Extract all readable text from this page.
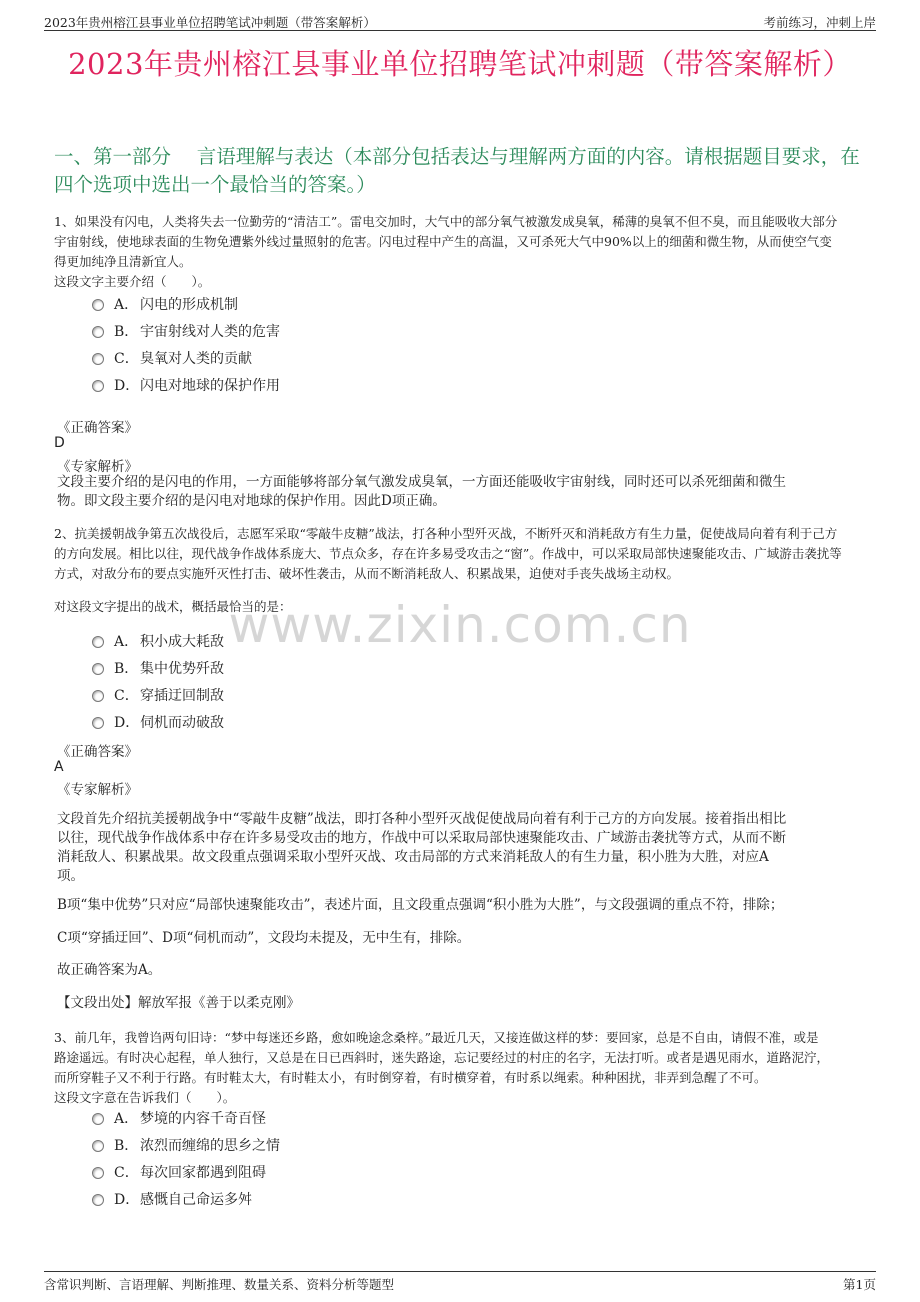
2023年贵州榕江县事业单位招聘笔试冲刺题（带答案解析）	考前练习，冲刺上岸
2023年贵州榕江县事业单位招聘笔试冲刺题（带答案解析）
一、第一部分　 言语理解与表达（本部分包括表达与理解两方面的内容。请根据题目要求，在四个选项中选出一个最恰当的答案。）
1、如果没有闪电，人类将失去一位勤劳的“清洁工”。雷电交加时，大气中的部分氧气被激发成臭氧，稀薄的臭氧不但不臭，而且能吸收大部分
宇宙射线，使地球表面的生物免遭紫外线过量照射的危害。闪电过程中产生的高温，又可杀死大气中90%以上的细菌和微生物，从而使空气变
得更加纯净且清新宜人。
这段文字主要介绍（　　）。
A． 闪电的形成机制
B． 宇宙射线对人类的危害
C．臭氧对人类的贡献
D．闪电对地球的保护作用
《正确答案》
D
《专家解析》
文段主要介绍的是闪电的作用，一方面能够将部分氧气激发成臭氧，一方面还能吸收宇宙射线，同时还可以杀死细菌和微生
物。即文段主要介绍的是闪电对地球的保护作用。因此D项正确。
2、抗美援朝战争第五次战役后，志愿军采取“零敲牛皮糖”战法，打各种小型歼灭战，不断歼灭和消耗敌方有生力量，促使战局向着有利于己方
的方向发展。相比以往，现代战争作战体系庞大、节点众多，存在许多易受攻击之“窗”。作战中，可以采取局部快速聚能攻击、广域游击袭扰等
方式，对敌分布的要点实施歼灭性打击、破坏性袭击，从而不断消耗敌人、积累战果，迫使对手丧失战场主动权。
对这段文字提出的战术，概括最恰当的是：
www.zixin.com.cn
A． 积小成大耗敌
B． 集中优势歼敌
C．穿插迂回制敌
D．伺机而动破敌
《正确答案》
A
《专家解析》
文段首先介绍抗美援朝战争中“零敲牛皮糖”战法，即打各种小型歼灭战促使战局向着有利于己方的方向发展。接着指出相比
以往，现代战争作战体系中存在许多易受攻击的地方，作战中可以采取局部快速聚能攻击、广域游击袭扰等方式，从而不断
消耗敌人、积累战果。故文段重点强调采取小型歼灭战、攻击局部的方式来消耗敌人的有生力量，积小胜为大胜，对应A
项。
B项“集中优势”只对应“局部快速聚能攻击”，表述片面，且文段重点强调“积小胜为大胜”，与文段强调的重点不符，排除；
C项“穿插迂回”、D项“伺机而动”，文段均未提及，无中生有，排除。
故正确答案为A。
【文段出处】解放军报《善于以柔克刚》
3、前几年，我曾诌两句旧诗：“梦中每迷还乡路，愈如晚途念桑梓。”最近几天，又接连做这样的梦：要回家，总是不自由，请假不准，或是
路途遥远。有时决心起程，单人独行，又总是在日已西斜时，迷失路途，忘记要经过的村庄的名字，无法打听。或者是遇见雨水，道路泥泞，
而所穿鞋子又不利于行路。有时鞋太大，有时鞋太小，有时倒穿着，有时横穿着，有时系以绳索。种种困扰，非弄到急醒了不可。
这段文字意在告诉我们（　　）。
A． 梦境的内容千奇百怪
B． 浓烈而缠绵的思乡之情
C．每次回家都遇到阻碍
D．感慨自己命运多舛
含常识判断、言语理解、判断推理、数量关系、资料分析等题型	第1页
